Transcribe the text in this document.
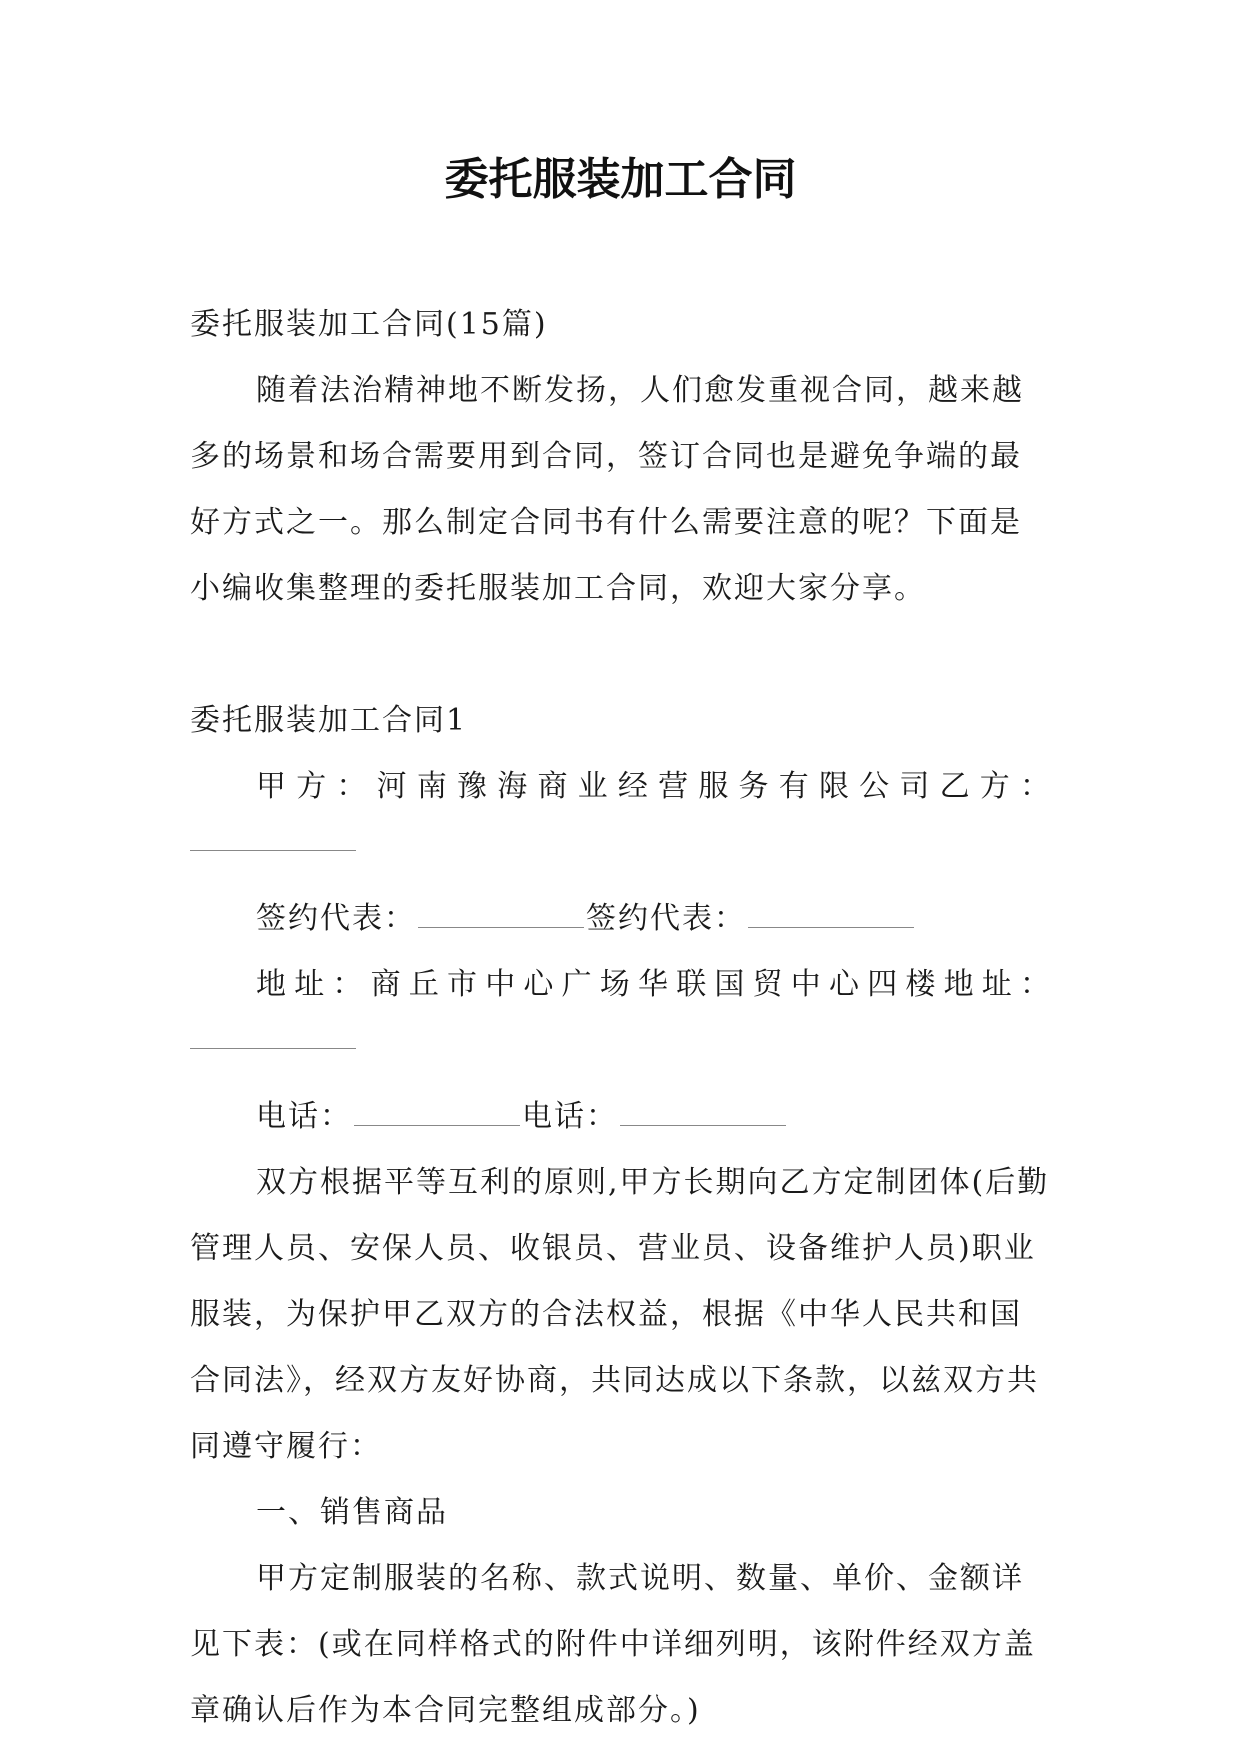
委托服装加工合同

委托服装加工合同(15篇)

随着法治精神地不断发扬，人们愈发重视合同，越来越多的场景和场合需要用到合同，签订合同也是避免争端的最好方式之一。那么制定合同书有什么需要注意的呢？下面是小编收集整理的委托服装加工合同，欢迎大家分享。

委托服装加工合同1

甲方：河南豫海商业经营服务有限公司乙方：

签约代表：	签约代表：

地址：商丘市中心广场华联国贸中心四楼地址：

电话：	电话：

双方根据平等互利的原则,甲方长期向乙方定制团体(后勤管理人员、安保人员、收银员、营业员、设备维护人员)职业服装，为保护甲乙双方的合法权益，根据《中华人民共和国合同法》，经双方友好协商，共同达成以下条款，以兹双方共同遵守履行：

一、销售商品

甲方定制服装的名称、款式说明、数量、单价、金额详见下表：(或在同样格式的附件中详细列明，该附件经双方盖章确认后作为本合同完整组成部分。)
